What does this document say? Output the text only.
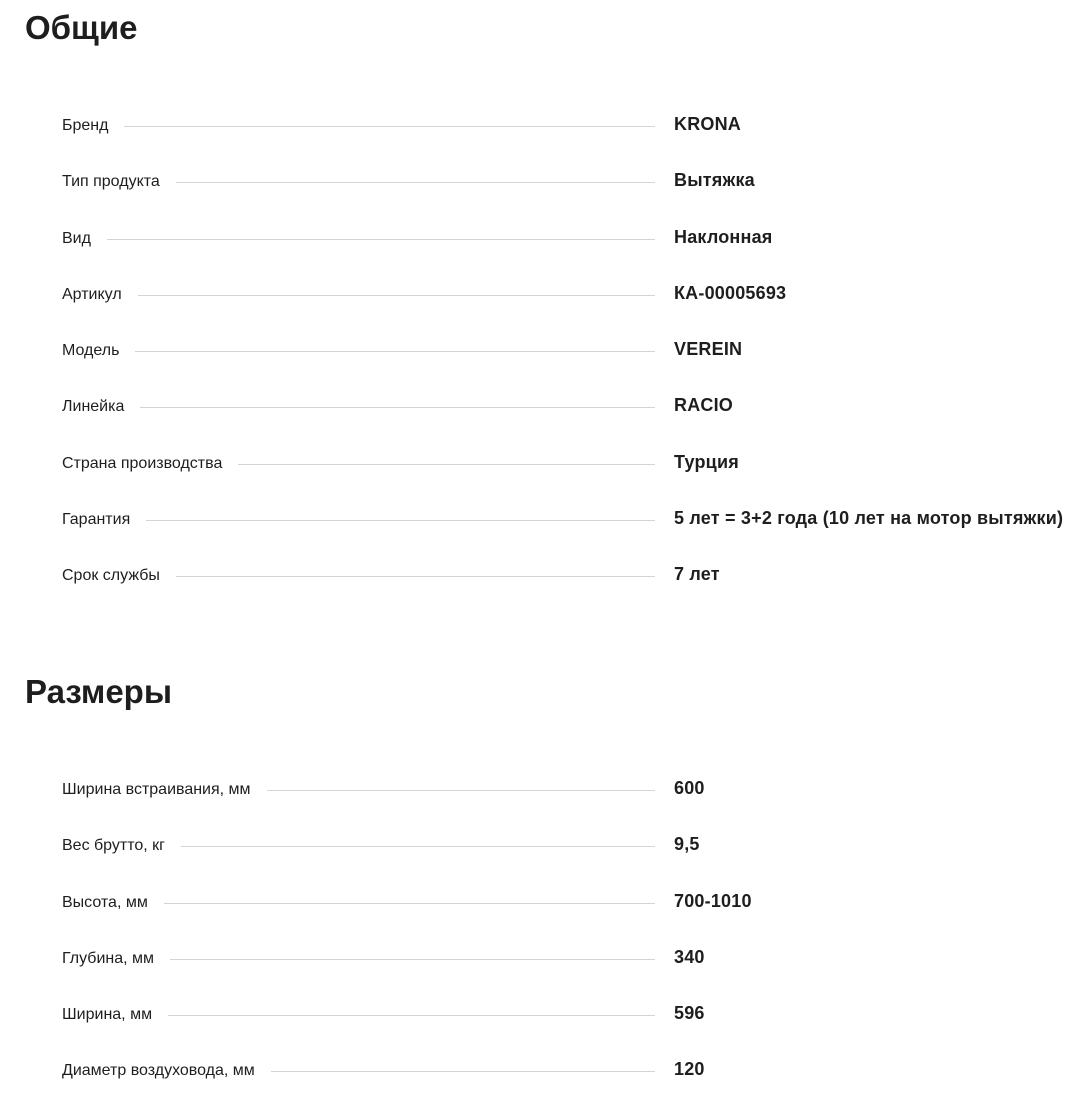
Общие
Бренд	KRONA
Тип продукта	Вытяжка
Вид	Наклонная
Артикул	КА-00005693
Модель	VEREIN
Линейка	RACIO
Страна производства	Турция
Гарантия	5 лет = 3+2 года (10 лет на мотор вытяжки)
Срок службы	7 лет
Размеры
Ширина встраивания, мм	600
Вес брутто, кг	9,5
Высота, мм	700-1010
Глубина, мм	340
Ширина, мм	596
Диаметр воздуховода, мм	120
